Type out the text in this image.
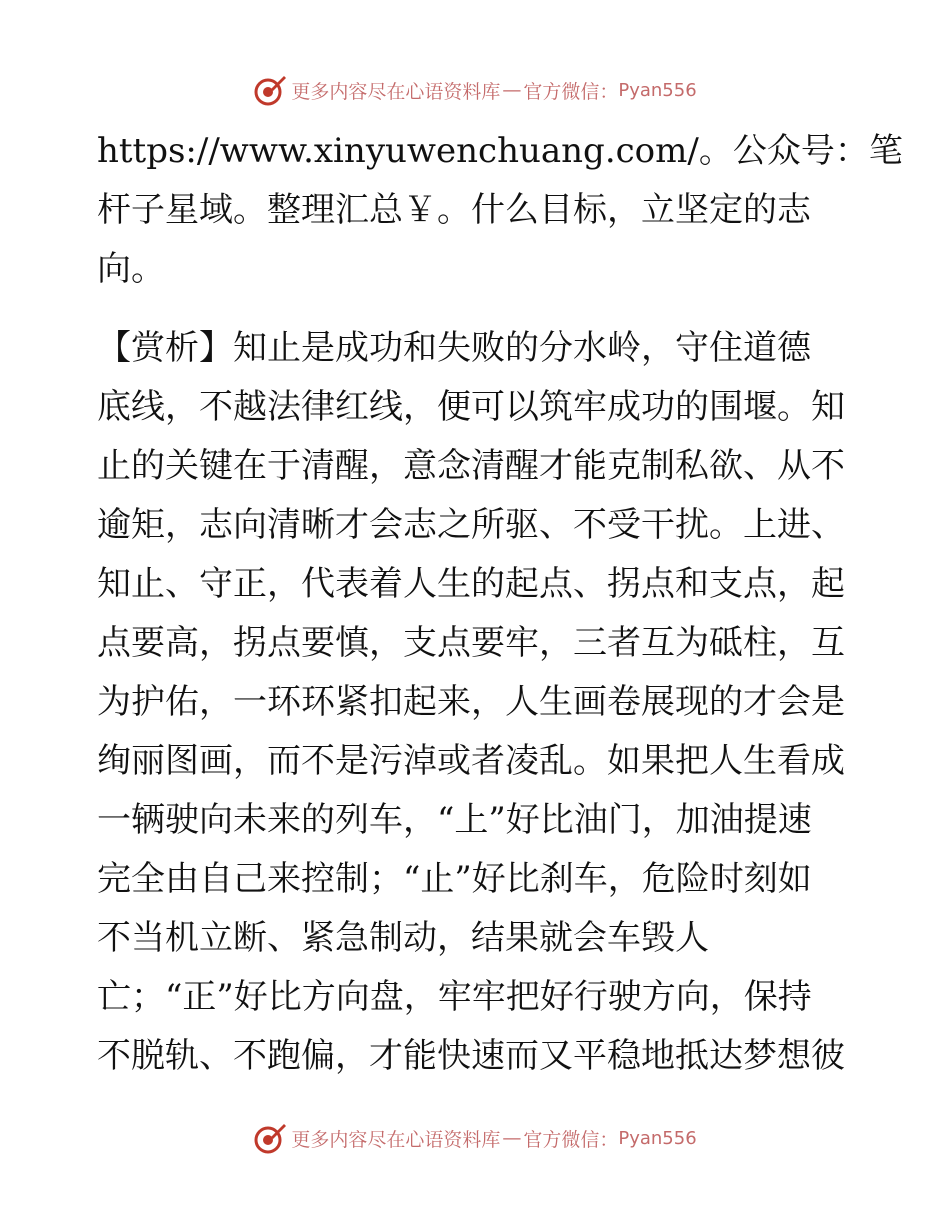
更多内容尽在心语资料库 — 官方微信： Pyan556
https://www.xinyuwenchuang.com/。公众号：笔
杆子星域。整理汇总￥。什么目标，立坚定的志
向。
【赏析】知止是成功和失败的分水岭，守住道德
底线，不越法律红线，便可以筑牢成功的围堰。知
止的关键在于清醒，意念清醒才能克制私欲、从不
逾矩，志向清晰才会志之所驱、不受干扰。上进、
知止、守正，代表着人生的起点、拐点和支点，起
点要高，拐点要慎，支点要牢，三者互为砥柱，互
为护佑，一环环紧扣起来，人生画卷展现的才会是
绚丽图画，而不是污淖或者凌乱。如果把人生看成
一辆驶向未来的列车，“上”好比油门，加油提速
完全由自己来控制；“止”好比刹车，危险时刻如
不当机立断、紧急制动，结果就会车毁人
亡；“正”好比方向盘，牢牢把好行驶方向，保持
不脱轨、不跑偏，才能快速而又平稳地抵达梦想彼
更多内容尽在心语资料库 — 官方微信： Pyan556
